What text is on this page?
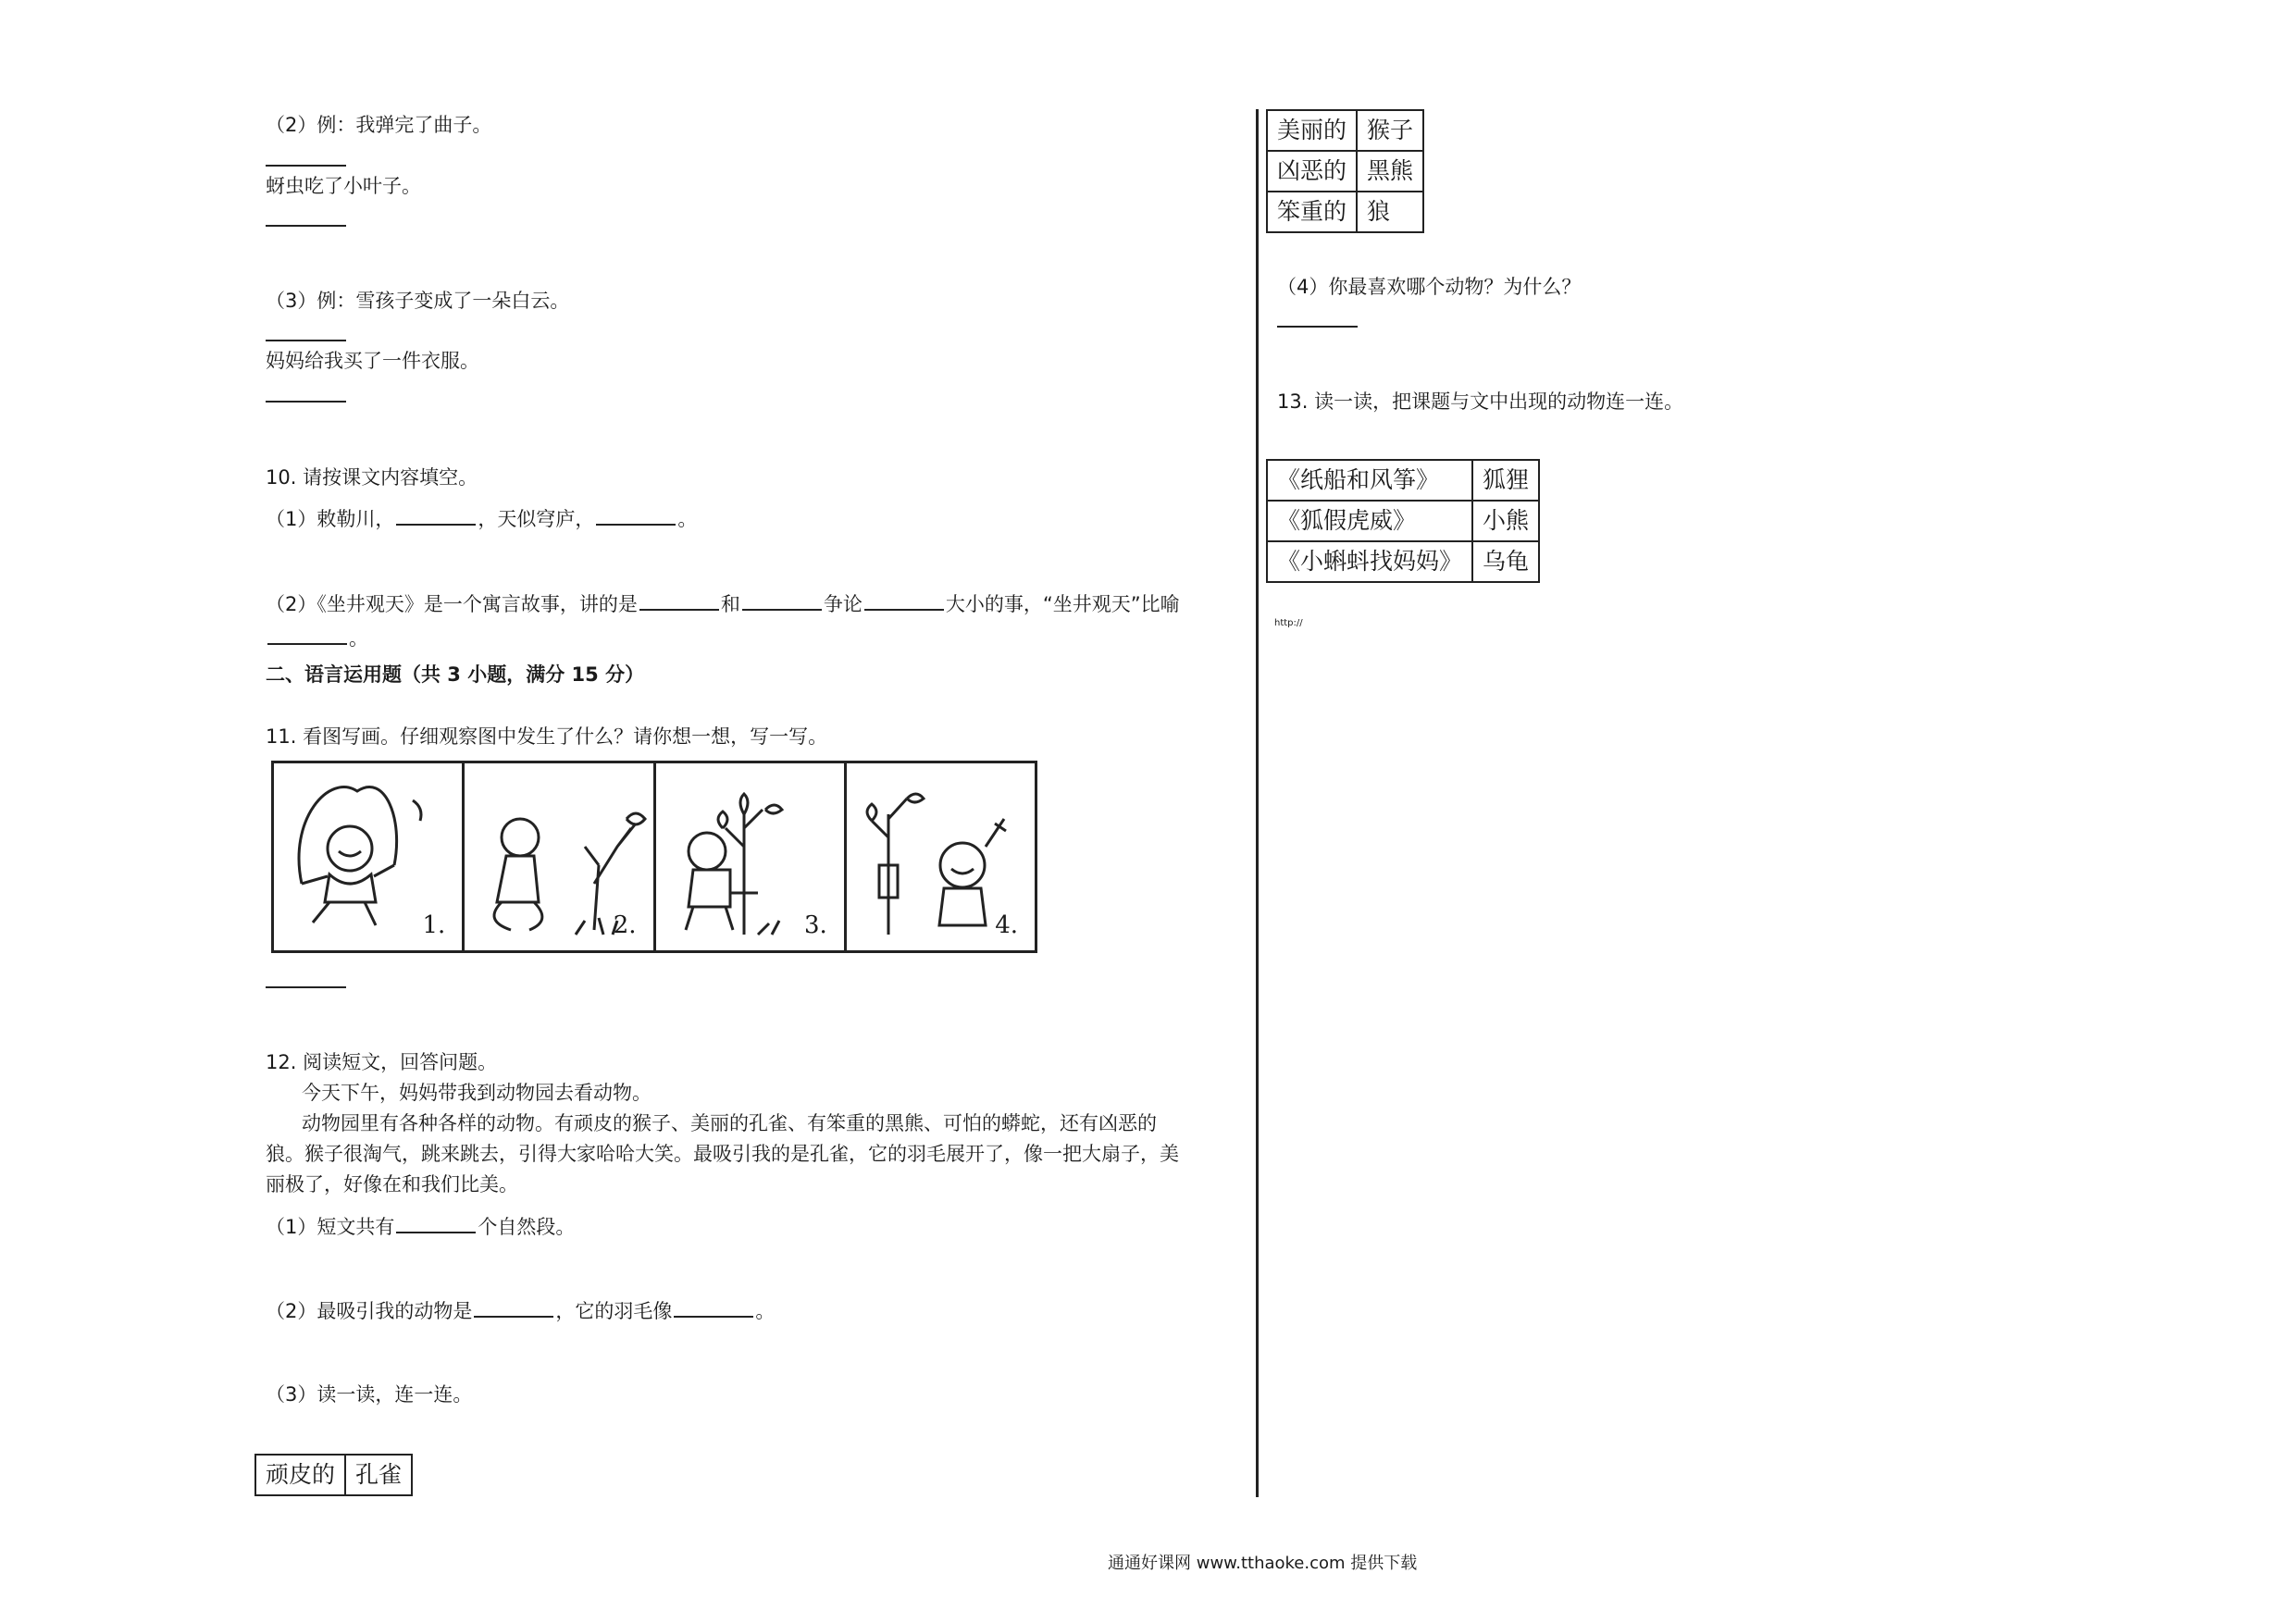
（2）例：我弹完了曲子。
蚜虫吃了小叶子。
（3）例：雪孩子变成了一朵白云。
妈妈给我买了一件衣服。
10. 请按课文内容填空。
（1）敕勒川，	，天似穹庐，	。
（2）《坐井观天》是一个寓言故事，讲的是	和	争论	大小的事，“坐井观天”比喻
。
二、语言运用题（共 3 小题，满分 15 分）
11. 看图写画。仔细观察图中发生了什么？请你想一想，写一写。
1.	2.	3.	4.
12. 阅读短文，回答问题。
今天下午，妈妈带我到动物园去看动物。
动物园里有各种各样的动物。有顽皮的猴子、美丽的孔雀、有笨重的黑熊、可怕的蟒蛇，还有凶恶的
狼。猴子很淘气，跳来跳去，引得大家哈哈大笑。最吸引我的是孔雀，它的羽毛展开了，像一把大扇子，美
丽极了，好像在和我们比美。
（1）短文共有	个自然段。
（2）最吸引我的动物是	，它的羽毛像	。
（3）读一读，连一连。
顽皮的	孔雀
美丽的	猴子
凶恶的	黑熊
笨重的	狼
（4）你最喜欢哪个动物？为什么？
13. 读一读，把课题与文中出现的动物连一连。
《纸船和风筝》	狐狸
《狐假虎威》	小熊
《小蝌蚪找妈妈》	乌龟
http://
通通好课网 www.tthaoke.com 提供下载
